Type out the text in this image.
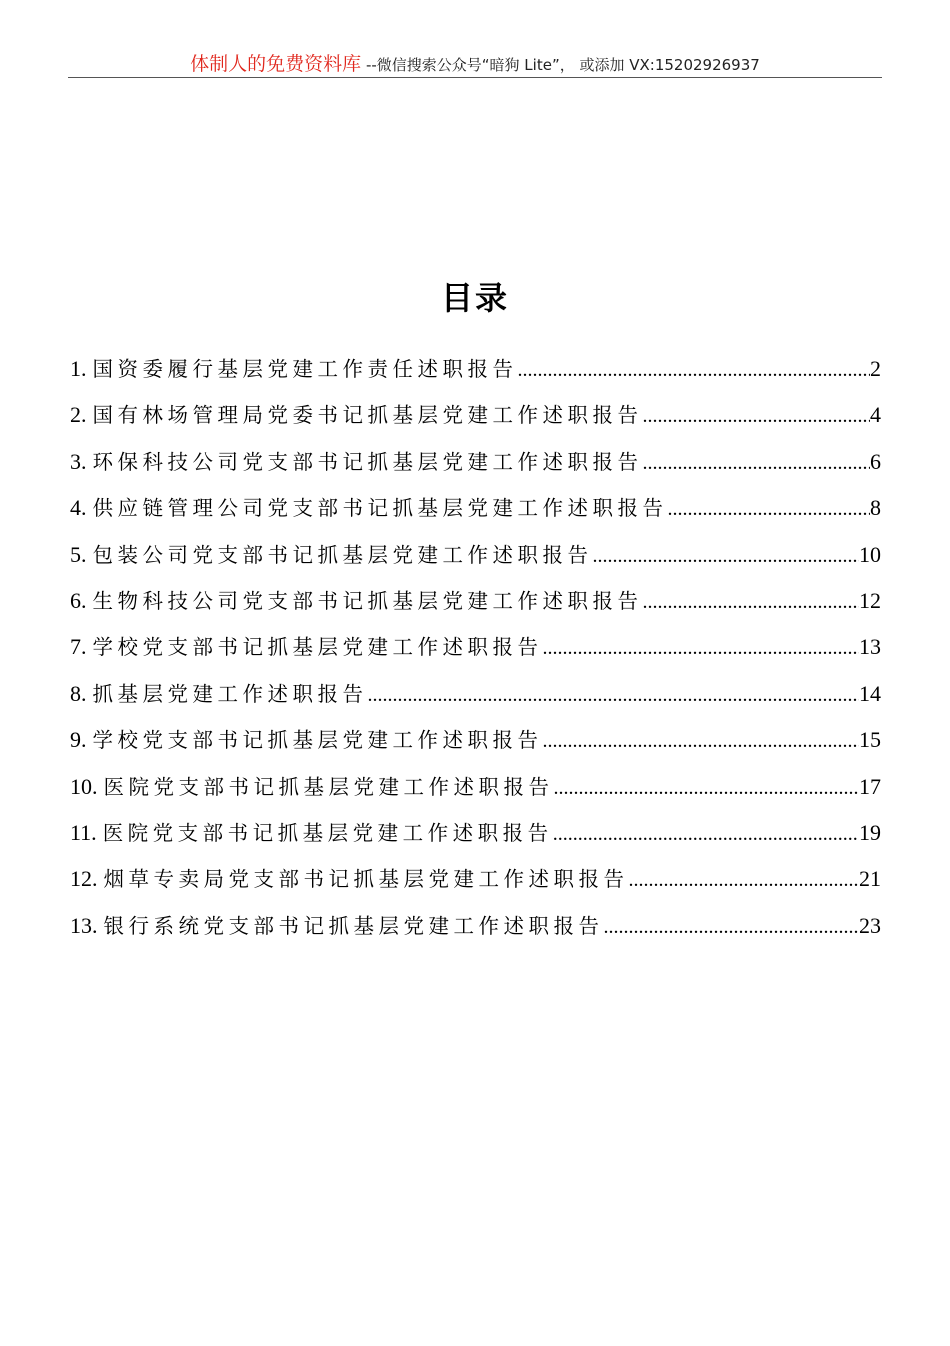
体制人的免费资料库 --微信搜索公众号“暗狗 Lite”， 或添加 VX:15202926937
目录
1. 国资委履行基层党建工作责任述职报告 .....	2
2. 国有林场管理局党委书记抓基层党建工作述职报告 .....	4
3. 环保科技公司党支部书记抓基层党建工作述职报告 .....	6
4. 供应链管理公司党支部书记抓基层党建工作述职报告 .....	8
5. 包装公司党支部书记抓基层党建工作述职报告 .....	10
6. 生物科技公司党支部书记抓基层党建工作述职报告 .....	12
7. 学校党支部书记抓基层党建工作述职报告 .....	13
8. 抓基层党建工作述职报告 .....	14
9. 学校党支部书记抓基层党建工作述职报告 .....	15
10. 医院党支部书记抓基层党建工作述职报告 .....	17
11. 医院党支部书记抓基层党建工作述职报告 .....	19
12. 烟草专卖局党支部书记抓基层党建工作述职报告 .....	21
13. 银行系统党支部书记抓基层党建工作述职报告 .....	23
